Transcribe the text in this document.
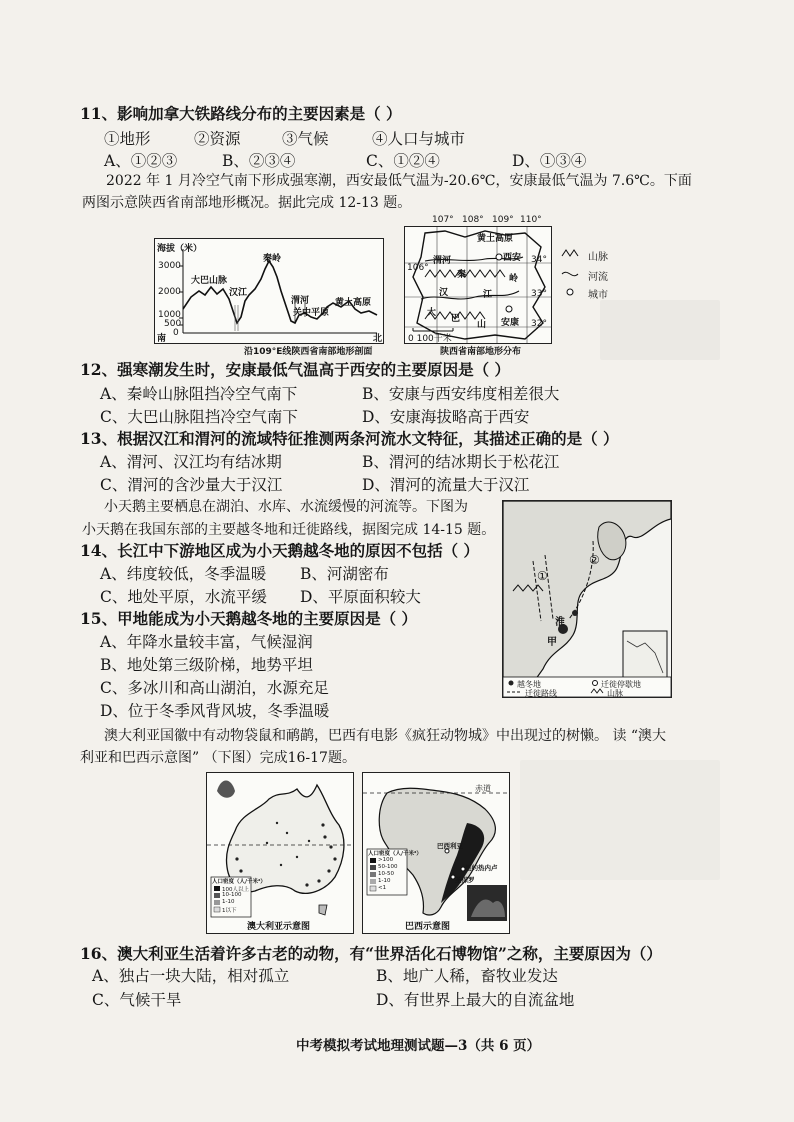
11、影响加拿大铁路线分布的主要因素是（ ）
①地形	②资源	③气候	④人口与城市
A、①②③	B、②③④	C、①②④	D、①③④
2022 年 1 月冷空气南下形成强寒潮，西安最低气温为-20.6℃，安康最低气温为 7.6℃。下面
两图示意陕西省南部地形概况。据此完成 12-13 题。
海拔（米）
3000
2000
1000
500
0
南	北
大巴山脉
汉江
秦岭
渭河
关中平原
黄土高原
沿109°E线陕西省南部地形剖面
渭河
黄土高原
西安
秦	岭
汉	江
大
巴
山 安康
0 100千米
106°
34°
33°
32°
107° 108° 109° 110°
陕西省南部地形分布
山脉
河流
城市
12、强寒潮发生时，安康最低气温高于西安的主要原因是（ ）
A、秦岭山脉阻挡冷空气南下	B、安康与西安纬度相差很大
C、大巴山脉阻挡冷空气南下	D、安康海拔略高于西安
13、根据汉江和渭河的流域特征推测两条河流水文特征，其描述正确的是（ ）
A、渭河、汉江均有结冰期	B、渭河的结冰期长于松花江
C、渭河的含沙量大于汉江	D、渭河的流量大于汉江
小天鹅主要栖息在湖泊、水库、水流缓慢的河流等。下图为
小天鹅在我国东部的主要越冬地和迁徙路线，据图完成 14-15 题。
②
①
甲
淮
越冬地	迁徙停歇地
迁徙路线	山脉
14、长江中下游地区成为小天鹅越冬地的原因不包括（ ）
A、纬度较低，冬季温暖 B、河湖密布
C、地处平原，水流平缓 D、平原面积较大
15、甲地能成为小天鹅越冬地的主要原因是（ ）
A、年降水量较丰富，气候湿润
B、地处第三级阶梯，地势平坦
C、多冰川和高山湖泊，水源充足
D、位于冬季风背风坡，冬季温暖
澳大利亚国徽中有动物袋鼠和鸸鹋，巴西有电影《疯狂动物城》中出现过的树懒。 读 “澳大
利亚和巴西示意图” （下图）完成16-17题。
人口密度（人/千米²）
100人以上
10-100
1-10
1以下
澳大利亚示意图
赤道
巴西利亚
里约热内卢
圣保罗
人口密度（人/千米²）
>100
50-100
10-50
1-10
<1
巴西示意图
16、澳大利亚生活着许多古老的动物，有“世界活化石博物馆”之称，主要原因为（）
A、独占一块大陆，相对孤立	B、地广人稀，畜牧业发达
C、气候干旱	D、有世界上最大的自流盆地
中考模拟考试地理测试题—3（共 6 页）
